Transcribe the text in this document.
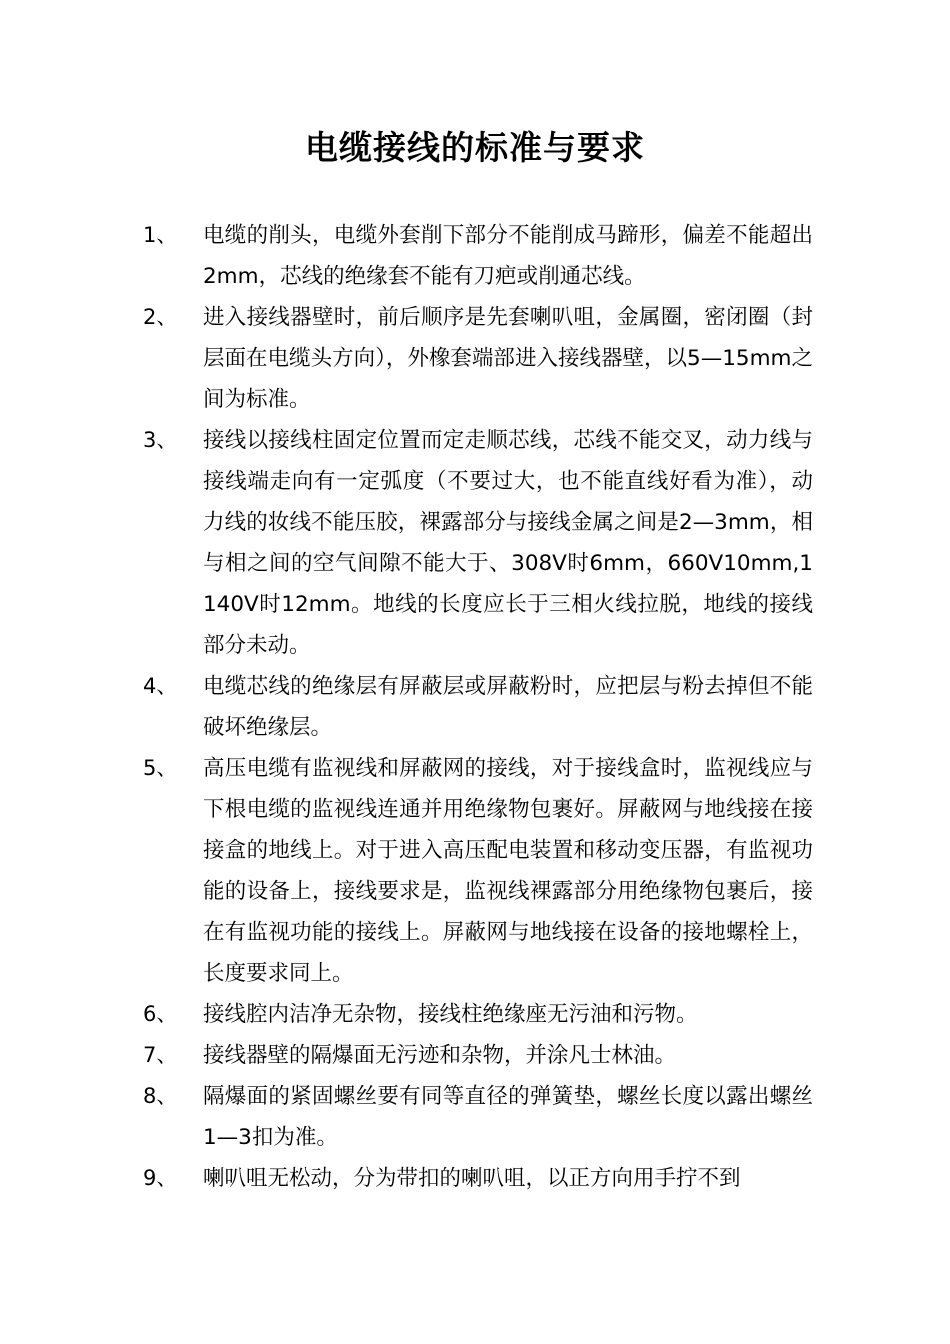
电缆接线的标准与要求
1、 电缆的削头，电缆外套削下部分不能削成马蹄形，偏差不能超出2mm，芯线的绝缘套不能有刀疤或削通芯线。
2、 进入接线器壁时，前后顺序是先套喇叭咀，金属圈，密闭圈（封层面在电缆头方向），外橡套端部进入接线器壁，以5—15mm之间为标准。
3、 接线以接线柱固定位置而定走顺芯线，芯线不能交叉，动力线与接线端走向有一定弧度（不要过大，也不能直线好看为准），动力线的妆线不能压胶，裸露部分与接线金属之间是2—3mm，相与相之间的空气间隙不能大于、308V时6mm，660V10mm,1140V时12mm。地线的长度应长于三相火线拉脱，地线的接线部分未动。
4、 电缆芯线的绝缘层有屏蔽层或屏蔽粉时，应把层与粉去掉但不能破坏绝缘层。
5、 高压电缆有监视线和屏蔽网的接线，对于接线盒时，监视线应与下根电缆的监视线连通并用绝缘物包裹好。屏蔽网与地线接在接接盒的地线上。对于进入高压配电装置和移动变压器，有监视功能的设备上，接线要求是，监视线裸露部分用绝缘物包裹后，接在有监视功能的接线上。屏蔽网与地线接在设备的接地螺栓上，长度要求同上。
6、 接线腔内洁净无杂物，接线柱绝缘座无污油和污物。
7、 接线器壁的隔爆面无污迹和杂物，并涂凡士林油。
8、 隔爆面的紧固螺丝要有同等直径的弹簧垫，螺丝长度以露出螺丝1—3扣为准。
9、 喇叭咀无松动，分为带扣的喇叭咀，以正方向用手拧不到
